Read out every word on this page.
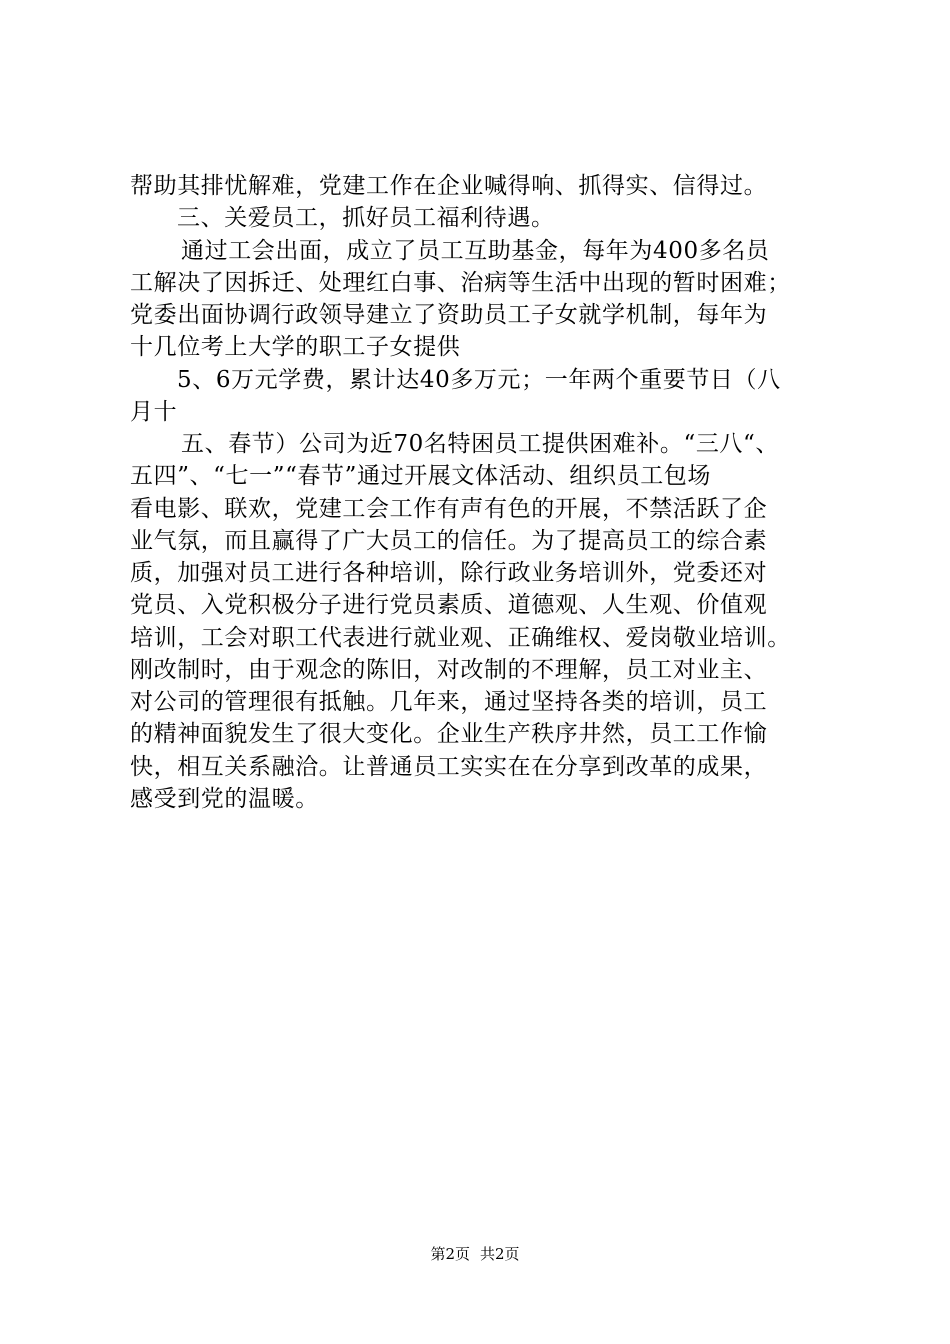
帮助其排忧解难，党建工作在企业喊得响、抓得实、信得过。
三、关爱员工，抓好员工福利待遇。
通过工会出面，成立了员工互助基金，每年为400多名员
工解决了因拆迁、处理红白事、治病等生活中出现的暂时困难；
党委出面协调行政领导建立了资助员工子女就学机制，每年为
十几位考上大学的职工子女提供
5、6万元学费，累计达40多万元；一年两个重要节日（八
月十
五、春节）公司为近70名特困员工提供困难补。“三八“、
五四”、“七一”“春节”通过开展文体活动、组织员工包场
看电影、联欢，党建工会工作有声有色的开展，不禁活跃了企
业气氛，而且赢得了广大员工的信任。为了提高员工的综合素
质，加强对员工进行各种培训，除行政业务培训外，党委还对
党员、入党积极分子进行党员素质、道德观、人生观、价值观
培训，工会对职工代表进行就业观、正确维权、爱岗敬业培训。
刚改制时，由于观念的陈旧，对改制的不理解，员工对业主、
对公司的管理很有抵触。几年来，通过坚持各类的培训，员工
的精神面貌发生了很大变化。企业生产秩序井然，员工工作愉
快，相互关系融洽。让普通员工实实在在分享到改革的成果，
感受到党的温暖。
第2页 共2页
